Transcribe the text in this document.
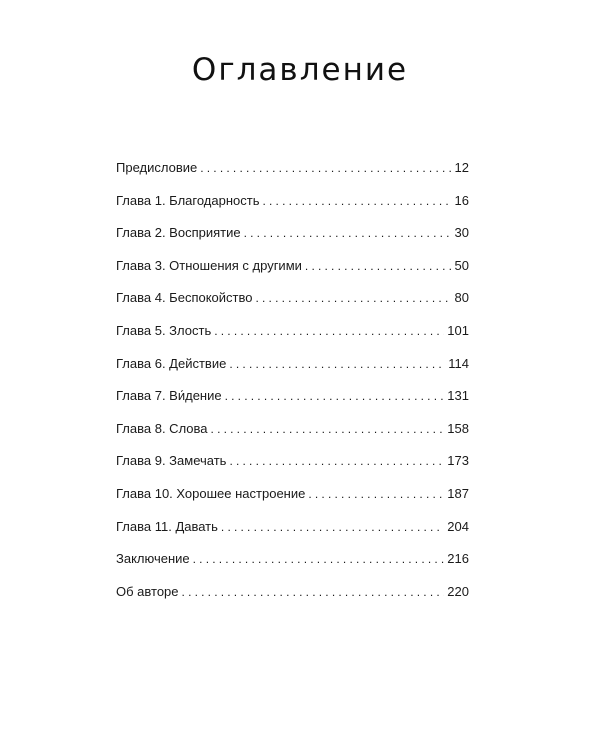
Оглавление
Предисловие .....	12
Глава 1. Благодарность .....	16
Глава 2. Восприятие .....	30
Глава 3. Отношения с другими .....	50
Глава 4. Беспокойство .....	80
Глава 5. Злость .....	101
Глава 6. Действие .....	114
Глава 7. Ви́дение .....	131
Глава 8. Слова .....	158
Глава 9. Замечать .....	173
Глава 10. Хорошее настроение .....	187
Глава 11. Давать .....	204
Заключение .....	216
Об авторе .....	220
